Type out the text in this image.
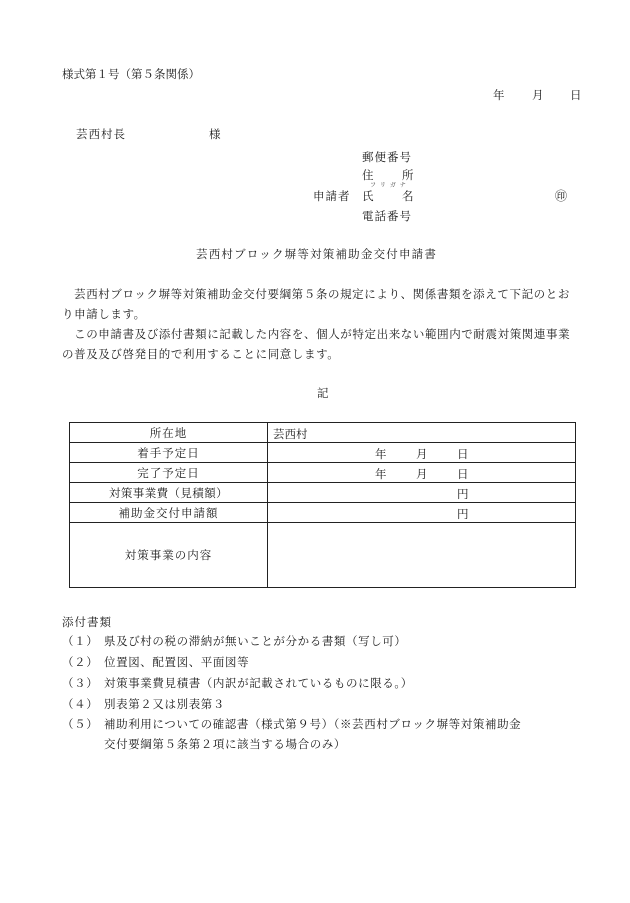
様式第１号（第５条関係）
年 月 日
芸西村長	様
郵便番号
住 所
フ リ ガ ナ
申請者 氏 名	㊞
電話番号
芸西村ブロック塀等対策補助金交付申請書
　芸西村ブロック塀等対策補助金交付要綱第５条の規定により、関係書類を添えて下記のとおり申請します。
　この申請書及び添付書類に記載した内容を、個人が特定出来ない範囲内で耐震対策関連事業の普及及び啓発目的で利用することに同意します。
記
所在地	芸西村

着手予定日	年 月 日

完了予定日	年 月 日

対策事業費（見積額）	円

補助金交付申請額	円

対策事業の内容	
添付書類
（１） 県及び村の税の滞納が無いことが分かる書類（写し可）
（２） 位置図、配置図、平面図等
（３） 対策事業費見積書（内訳が記載されているものに限る。）
（４） 別表第２又は別表第３
（５） 補助利用についての確認書（様式第９号）（※芸西村ブロック塀等対策補助金
交付要綱第５条第２項に該当する場合のみ）
